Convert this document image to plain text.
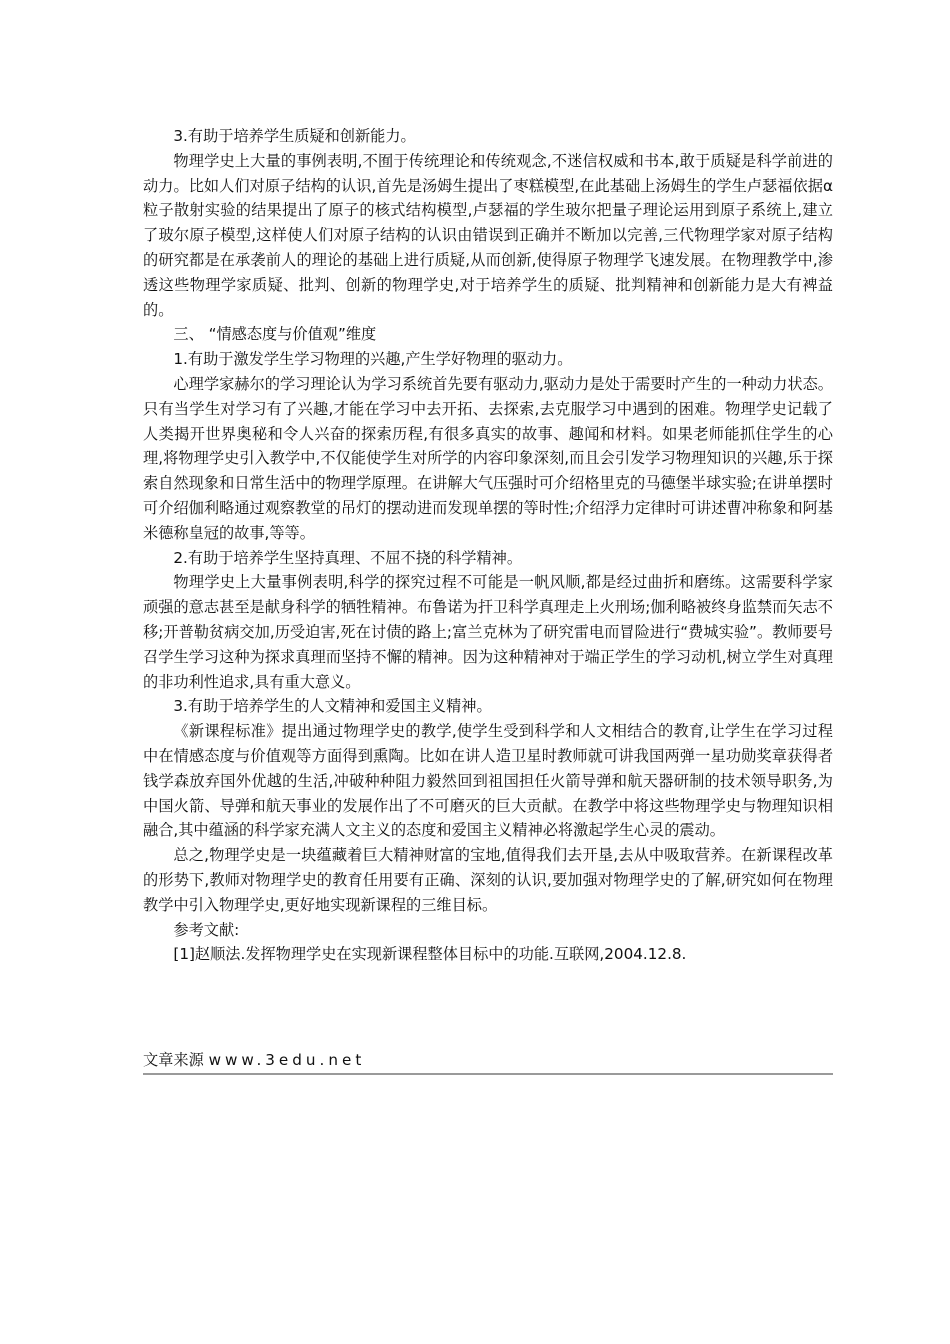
3.有助于培养学生质疑和创新能力。

物理学史上大量的事例表明,不囿于传统理论和传统观念,不迷信权威和书本,敢于质疑是科学前进的动力。比如人们对原子结构的认识,首先是汤姆生提出了枣糕模型,在此基础上汤姆生的学生卢瑟福依据α粒子散射实验的结果提出了原子的核式结构模型,卢瑟福的学生玻尔把量子理论运用到原子系统上,建立了玻尔原子模型,这样使人们对原子结构的认识由错误到正确并不断加以完善,三代物理学家对原子结构的研究都是在承袭前人的理论的基础上进行质疑,从而创新,使得原子物理学飞速发展。在物理教学中,渗透这些物理学家质疑、批判、创新的物理学史,对于培养学生的质疑、批判精神和创新能力是大有裨益的。

三、 “情感态度与价值观”维度

1.有助于激发学生学习物理的兴趣,产生学好物理的驱动力。

心理学家赫尔的学习理论认为学习系统首先要有驱动力,驱动力是处于需要时产生的一种动力状态。只有当学生对学习有了兴趣,才能在学习中去开拓、去探索,去克服学习中遇到的困难。物理学史记载了人类揭开世界奥秘和令人兴奋的探索历程,有很多真实的故事、趣闻和材料。如果老师能抓住学生的心理,将物理学史引入教学中,不仅能使学生对所学的内容印象深刻,而且会引发学习物理知识的兴趣,乐于探索自然现象和日常生活中的物理学原理。在讲解大气压强时可介绍格里克的马德堡半球实验;在讲单摆时可介绍伽利略通过观察教堂的吊灯的摆动进而发现单摆的等时性;介绍浮力定律时可讲述曹冲称象和阿基米德称皇冠的故事,等等。

2.有助于培养学生坚持真理、不屈不挠的科学精神。

物理学史上大量事例表明,科学的探究过程不可能是一帆风顺,都是经过曲折和磨练。这需要科学家顽强的意志甚至是献身科学的牺牲精神。布鲁诺为扞卫科学真理走上火刑场;伽利略被终身监禁而矢志不移;开普勒贫病交加,历受迫害,死在讨债的路上;富兰克林为了研究雷电而冒险进行“费城实验”。教师要号召学生学习这种为探求真理而坚持不懈的精神。因为这种精神对于端正学生的学习动机,树立学生对真理的非功利性追求,具有重大意义。

3.有助于培养学生的人文精神和爱国主义精神。

《新课程标准》提出通过物理学史的教学,使学生受到科学和人文相结合的教育,让学生在学习过程中在情感态度与价值观等方面得到熏陶。比如在讲人造卫星时教师就可讲我国两弹一星功勋奖章获得者钱学森放弃国外优越的生活,冲破种种阻力毅然回到祖国担任火箭导弹和航天器研制的技术领导职务,为中国火箭、导弹和航天事业的发展作出了不可磨灭的巨大贡献。在教学中将这些物理学史与物理知识相融合,其中蕴涵的科学家充满人文主义的态度和爱国主义精神必将激起学生心灵的震动。

总之,物理学史是一块蕴藏着巨大精神财富的宝地,值得我们去开垦,去从中吸取营养。在新课程改革的形势下,教师对物理学史的教育任用要有正确、深刻的认识,要加强对物理学史的了解,研究如何在物理教学中引入物理学史,更好地实现新课程的三维目标。

参考文献:

[1]赵顺法.发挥物理学史在实现新课程整体目标中的功能.互联网,2004.12.8.

文章来源 www.3edu.net
